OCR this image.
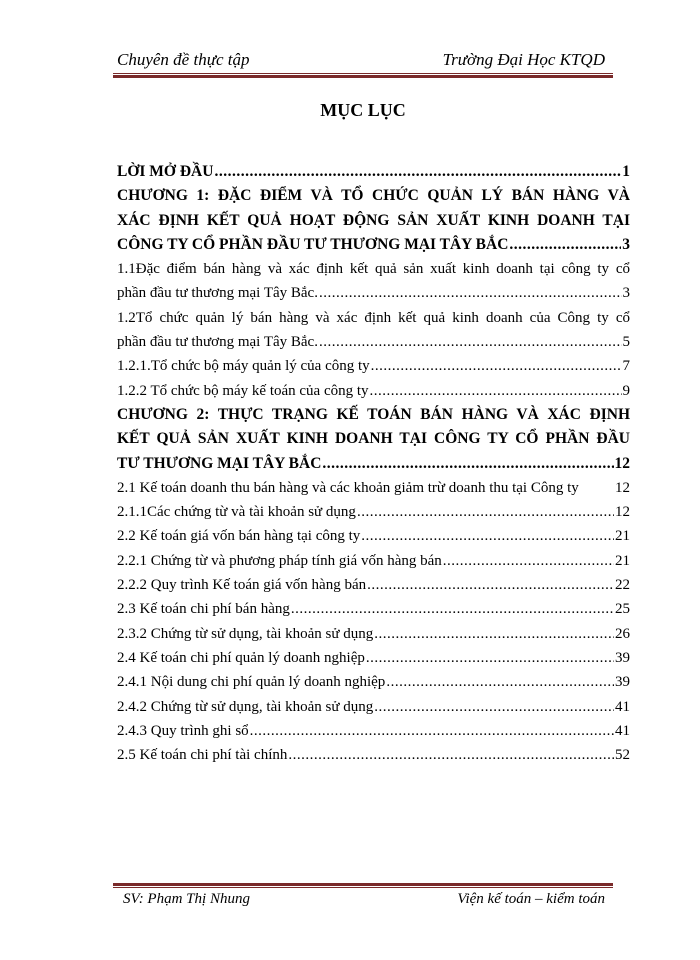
Chuyên đề thực tập	Trường Đại Học KTQD
MỤC LỤC
LỜI MỞ ĐẦU .....	1
CHƯƠNG 1: ĐẶC ĐIỂM VÀ TỔ CHỨC QUẢN LÝ BÁN HÀNG VÀ
XÁC ĐỊNH KẾT QUẢ HOẠT ĐỘNG SẢN XUẤT KINH DOANH TẠI
CÔNG TY CỔ PHẦN ĐẦU TƯ THƯƠNG MẠI TÂY BẮC .....	3
1.1Đặc điểm bán hàng và xác định kết quả sản xuất kinh doanh tại công ty cổ
phần đầu tư thương mại Tây Bắc. .....	3
1.2Tổ chức quản lý bán hàng và xác định kết quả kinh doanh của Công ty cổ
phần đầu tư thương mại Tây Bắc. .....	5
1.2.1.Tổ chức bộ máy quản lý của công ty .....	7
1.2.2 Tổ chức bộ máy kế toán của công ty .....	9
CHƯƠNG 2: THỰC TRẠNG KẾ TOÁN BÁN HÀNG VÀ XÁC ĐỊNH
KẾT QUẢ SẢN XUẤT KINH DOANH TẠI CÔNG TY CỔ PHẦN ĐẦU
TƯ THƯƠNG MẠI TÂY BẮC .....	12
2.1 Kế toán doanh thu bán hàng và các khoản giảm trừ doanh thu tại Công ty 12
2.1.1Các chứng từ và tài khoản sử dụng .....	12
2.2 Kế toán giá vốn bán hàng tại công ty .....	21
2.2.1 Chứng từ và phương pháp tính giá vốn hàng bán .....	21
2.2.2 Quy trình Kế toán giá vốn hàng bán .....	22
2.3 Kế toán chi phí bán hàng .....	25
2.3.2 Chứng từ sử dụng, tài khoản sử dụng .....	26
2.4 Kế toán chi phí quản lý doanh nghiệp .....	39
2.4.1 Nội dung chi phí quản lý doanh nghiệp .....	39
2.4.2 Chứng từ sử dụng, tài khoản sử dụng .....	41
2.4.3 Quy trình ghi sổ .....	41
2.5 Kế toán chi phí tài chính .....	52
SV: Phạm Thị Nhung	Viện kế toán – kiểm toán
